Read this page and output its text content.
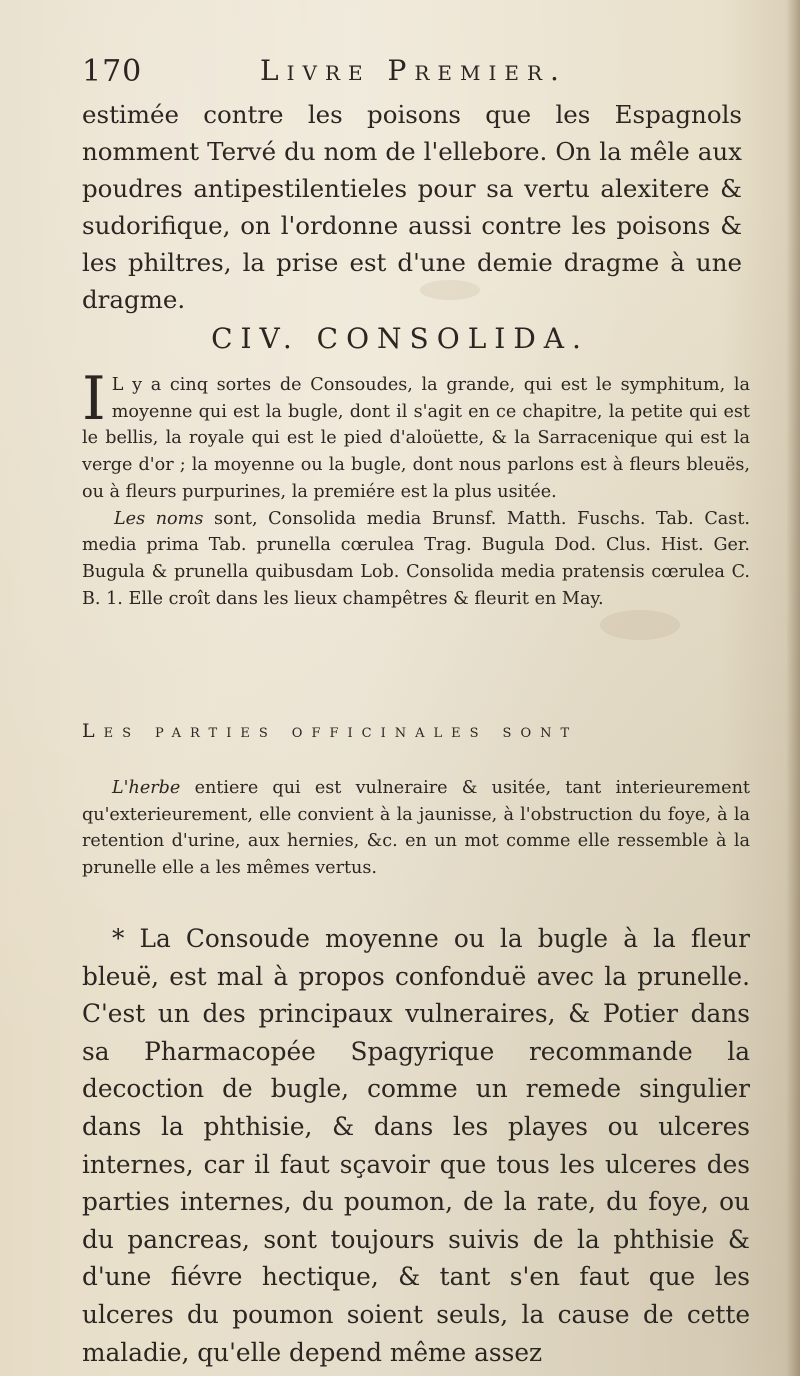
170	Livre Premier.

estimée contre les poisons que les Espagnols nomment Tervé du nom de l'ellebore. On la mêle aux poudres antipestilentieles pour sa vertu alexitere & sudorifique, on l'ordonne aussi contre les poisons & les philtres, la prise est d'une demie dragme à une dragme.

CIV. CONSOLIDA.

I L y a cinq sortes de Consoudes, la grande, qui est le symphitum, la moyenne qui est la bugle, dont il s'agit en ce chapitre, la petite qui est le bellis, la royale qui est le pied d'aloüette, & la Sarracenique qui est la verge d'or ; la moyenne ou la bugle, dont nous parlons est à fleurs bleuës, ou à fleurs purpurines, la premiére est la plus usitée.

Les noms sont, Consolida media Brunsf. Matth. Fuschs. Tab. Cast. media prima Tab. prunella cœrulea Trag. Bugula Dod. Clus. Hist. Ger. Bugula & prunella quibusdam Lob. Consolida media pratensis cœrulea C. B. 1. Elle croît dans les lieux champêtres & fleurit en May.

Les parties officinales sont

L'herbe entiere qui est vulneraire & usitée, tant interieurement qu'exterieurement, elle convient à la jaunisse, à l'obstruction du foye, à la retention d'urine, aux hernies, &c. en un mot comme elle ressemble à la prunelle elle a les mêmes vertus.

* La Consoude moyenne ou la bugle à la fleur bleuë, est mal à propos confonduë avec la prunelle. C'est un des principaux vulneraires, & Potier dans sa Pharmacopée Spagyrique recommande la decoction de bugle, comme un remede singulier dans la phthisie, & dans les playes ou ulceres internes, car il faut sçavoir que tous les ulceres des parties internes, du poumon, de la rate, du foye, ou du pancreas, sont toujours suivis de la phthisie & d'une fiévre hectique, & tant s'en faut que les ulceres du poumon soient seuls, la cause de cette maladie, qu'elle depend même assez
